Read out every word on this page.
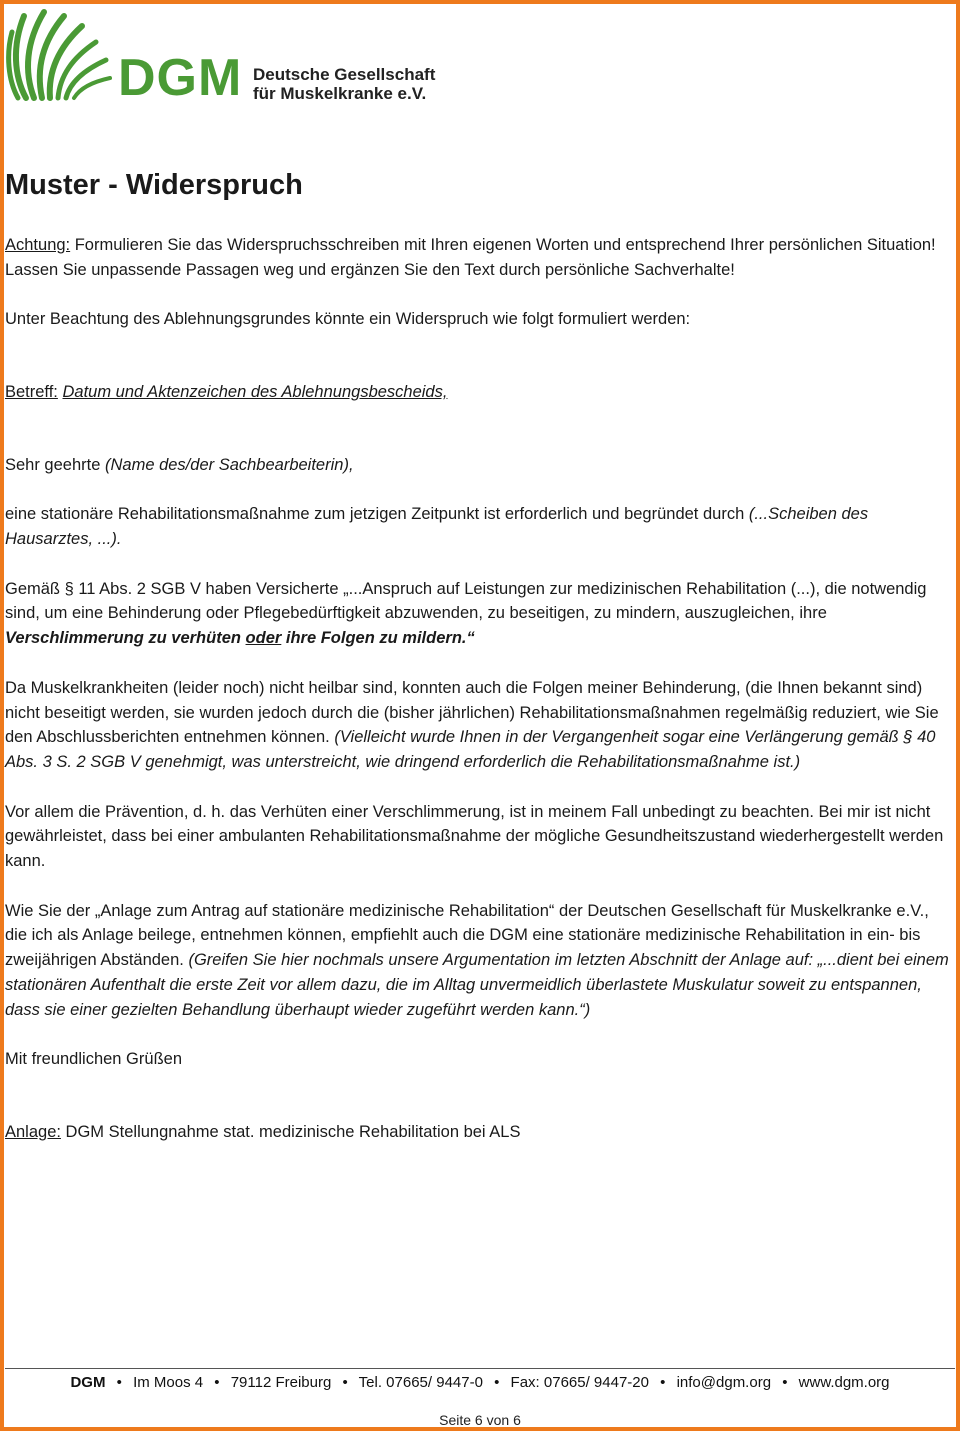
DGM Deutsche Gesellschaft
für Muskelkranke e.V.
Muster - Widerspruch

Achtung: Formulieren Sie das Widerspruchsschreiben mit Ihren eigenen Worten und entsprechend Ihrer persönlichen Situation! Lassen Sie unpassende Passagen weg und ergänzen Sie den Text durch persönliche Sachverhalte!

Unter Beachtung des Ablehnungsgrundes könnte ein Widerspruch wie folgt formuliert werden:

Betreff: Datum und Aktenzeichen des Ablehnungsbescheids,

Sehr geehrte (Name des/der Sachbearbeiterin),

eine stationäre Rehabilitationsmaßnahme zum jetzigen Zeitpunkt ist erforderlich und begründet durch (...Scheiben des Hausarztes, ...).

Gemäß § 11 Abs. 2 SGB V haben Versicherte „...Anspruch auf Leistungen zur medizinischen Rehabilitation (...), die notwendig sind, um eine Behinderung oder Pflegebedürftigkeit abzuwenden, zu beseitigen, zu mindern, auszugleichen, ihre Verschlimmerung zu verhüten oder ihre Folgen zu mildern.“

Da Muskelkrankheiten (leider noch) nicht heilbar sind, konnten auch die Folgen meiner Behinderung, (die Ihnen bekannt sind) nicht beseitigt werden, sie wurden jedoch durch die (bisher jährlichen) Rehabilitationsmaßnahmen regelmäßig reduziert, wie Sie den Abschlussberichten entnehmen können. (Vielleicht wurde Ihnen in der Vergangenheit sogar eine Verlängerung gemäß § 40 Abs. 3 S. 2 SGB V genehmigt, was unterstreicht, wie dringend erforderlich die Rehabilitationsmaßnahme ist.)

Vor allem die Prävention, d. h. das Verhüten einer Verschlimmerung, ist in meinem Fall unbedingt zu beachten. Bei mir ist nicht gewährleistet, dass bei einer ambulanten Rehabilitationsmaßnahme der mögliche Gesundheitszustand wiederhergestellt werden kann.

Wie Sie der „Anlage zum Antrag auf stationäre medizinische Rehabilitation“ der Deutschen Gesellschaft für Muskelkranke e.V., die ich als Anlage beilege, entnehmen können, empfiehlt auch die DGM eine stationäre medizinische Rehabilitation in ein- bis zweijährigen Abständen. (Greifen Sie hier nochmals unsere Argumentation im letzten Abschnitt der Anlage auf: „...dient bei einem stationären Aufenthalt die erste Zeit vor allem dazu, die im Alltag unvermeidlich überlastete Muskulatur soweit zu entspannen, dass sie einer gezielten Behandlung überhaupt wieder zugeführt werden kann.“)

Mit freundlichen Grüßen

Anlage: DGM Stellungnahme stat. medizinische Rehabilitation bei ALS

DGM • Im Moos 4 • 79112 Freiburg • Tel. 07665/ 9447-0 • Fax: 07665/ 9447-20 • info@dgm.org • www.dgm.org
Seite 6 von 6
